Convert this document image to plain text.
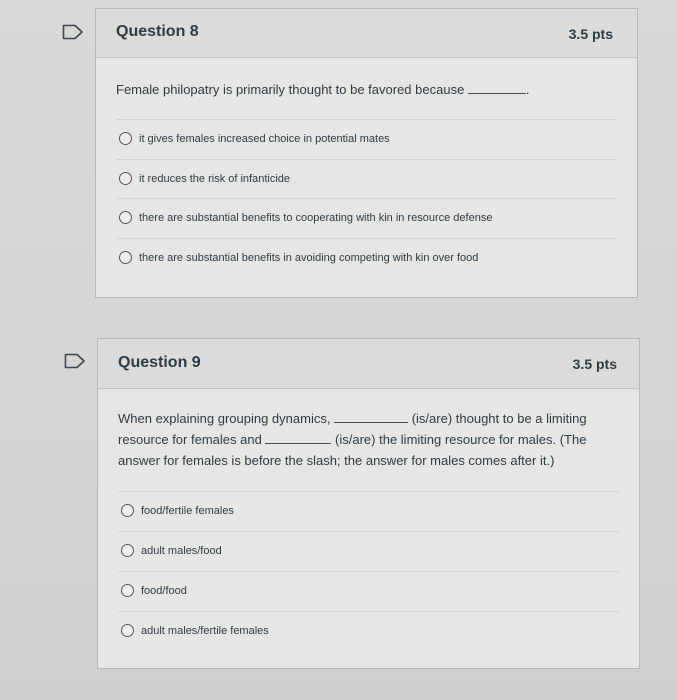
Question 8	3.5 pts
Female philopatry is primarily thought to be favored because	.
it gives females increased choice in potential mates
it reduces the risk of infanticide
there are substantial benefits to cooperating with kin in resource defense
there are substantial benefits in avoiding competing with kin over food
Question 9	3.5 pts
When explaining grouping dynamics,	(is/are) thought to be a limiting
resource for females and	(is/are) the limiting resource for males. (The
answer for females is before the slash; the answer for males comes after it.)
food/fertile females
adult males/food
food/food
adult males/fertile females
